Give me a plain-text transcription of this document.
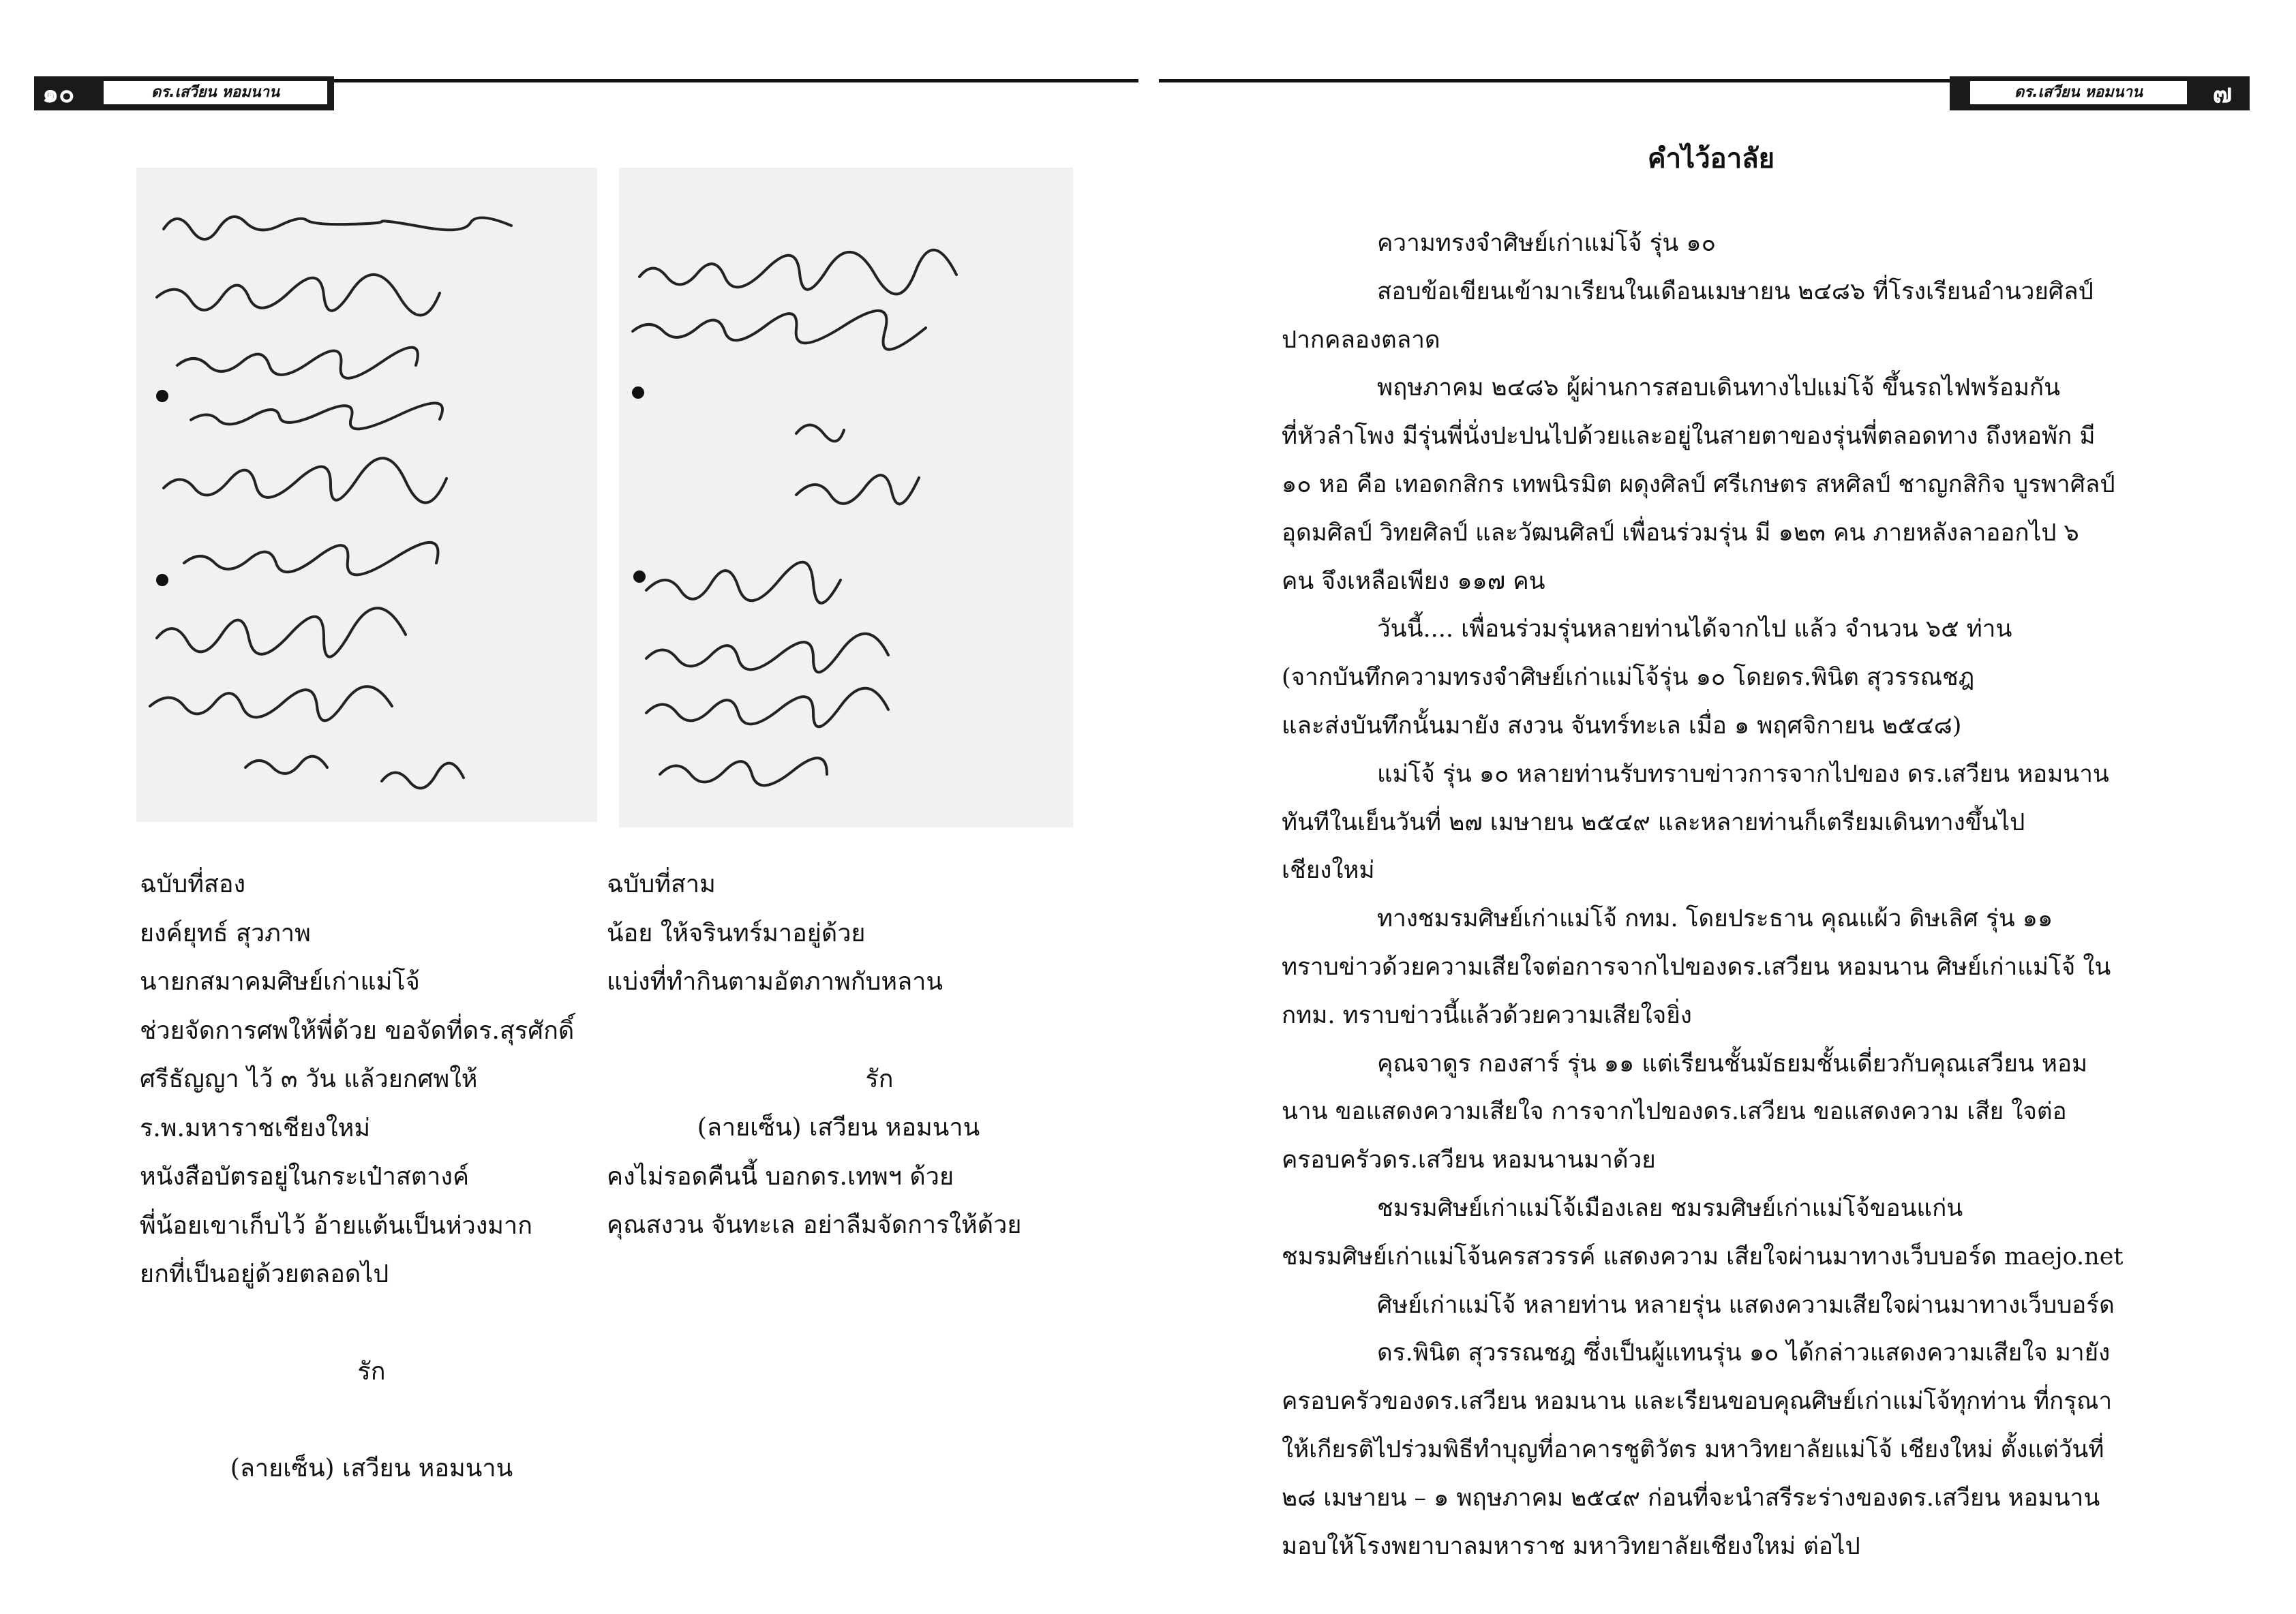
๑๐	ดร.เสวียน หอมนาน	ดร.เสวียน หอมนาน	๗
ฉบับที่สอง
ยงค์ยุทธ์ สุวภาพ
นายกสมาคมศิษย์เก่าแม่โจ้
ช่วยจัดการศพให้พี่ด้วย ขอจัดที่ดร.สุรศักดิ์
ศรีธัญญา ไว้ ๓ วัน แล้วยกศพให้
ร.พ.มหาราชเชียงใหม่
หนังสือบัตรอยู่ในกระเป๋าสตางค์
พี่น้อยเขาเก็บไว้ อ้ายแต้นเป็นห่วงมาก
ยกที่เป็นอยู่ด้วยตลอดไป
รัก
(ลายเซ็น) เสวียน หอมนาน
ฉบับที่สาม
น้อย ให้จรินทร์มาอยู่ด้วย
แบ่งที่ทำกินตามอัตภาพกับหลาน
รัก
(ลายเซ็น) เสวียน หอมนาน
คงไม่รอดคืนนี้ บอกดร.เทพฯ ด้วย
คุณสงวน จันทะเล อย่าลืมจัดการให้ด้วย
คำไว้อาลัย
ความทรงจำศิษย์เก่าแม่โจ้ รุ่น ๑๐
สอบข้อเขียนเข้ามาเรียนในเดือนเมษายน ๒๔๘๖ ที่โรงเรียนอำนวยศิลป์
ปากคลองตลาด
พฤษภาคม ๒๔๘๖ ผู้ผ่านการสอบเดินทางไปแม่โจ้ ขึ้นรถไฟพร้อมกัน
ที่หัวลำโพง มีรุ่นพี่นั่งปะปนไปด้วยและอยู่ในสายตาของรุ่นพี่ตลอดทาง ถึงหอพัก มี
๑๐ หอ คือ เทอดกสิกร เทพนิรมิต ผดุงศิลป์ ศรีเกษตร สหศิลป์ ชาญกสิกิจ บูรพาศิลป์
อุดมศิลป์ วิทยศิลป์ และวัฒนศิลป์ เพื่อนร่วมรุ่น มี ๑๒๓ คน ภายหลังลาออกไป ๖
คน จึงเหลือเพียง ๑๑๗ คน
วันนี้.... เพื่อนร่วมรุ่นหลายท่านได้จากไป แล้ว จำนวน ๖๕ ท่าน
(จากบันทึกความทรงจำศิษย์เก่าแม่โจ้รุ่น ๑๐ โดยดร.พินิต สุวรรณชฎ
และส่งบันทึกนั้นมายัง สงวน จันทร์ทะเล เมื่อ ๑ พฤศจิกายน ๒๕๔๘)
แม่โจ้ รุ่น ๑๐ หลายท่านรับทราบข่าวการจากไปของ ดร.เสวียน หอมนาน
ทันทีในเย็นวันที่ ๒๗ เมษายน ๒๕๔๙ และหลายท่านก็เตรียมเดินทางขึ้นไป
เชียงใหม่
ทางชมรมศิษย์เก่าแม่โจ้ กทม. โดยประธาน คุณแผ้ว ดิษเลิศ รุ่น ๑๑
ทราบข่าวด้วยความเสียใจต่อการจากไปของดร.เสวียน หอมนาน ศิษย์เก่าแม่โจ้ ใน
กทม. ทราบข่าวนี้แล้วด้วยความเสียใจยิ่ง
คุณจาดูร กองสาร์ รุ่น ๑๑ แต่เรียนชั้นมัธยมชั้นเดี่ยวกับคุณเสวียน หอม
นาน ขอแสดงความเสียใจ การจากไปของดร.เสวียน ขอแสดงความ เสีย ใจต่อ
ครอบครัวดร.เสวียน หอมนานมาด้วย
ชมรมศิษย์เก่าแม่โจ้เมืองเลย ชมรมศิษย์เก่าแม่โจ้ขอนแก่น
ชมรมศิษย์เก่าแม่โจ้นครสวรรค์ แสดงความ เสียใจผ่านมาทางเว็บบอร์ด maejo.net
ศิษย์เก่าแม่โจ้ หลายท่าน หลายรุ่น แสดงความเสียใจผ่านมาทางเว็บบอร์ด
ดร.พินิต สุวรรณชฎ ซึ่งเป็นผู้แทนรุ่น ๑๐ ได้กล่าวแสดงความเสียใจ มายัง
ครอบครัวของดร.เสวียน หอมนาน และเรียนขอบคุณศิษย์เก่าแม่โจ้ทุกท่าน ที่กรุณา
ให้เกียรติไปร่วมพิธีทำบุญที่อาคารชูติวัตร มหาวิทยาลัยแม่โจ้ เชียงใหม่ ตั้งแต่วันที่
๒๘ เมษายน – ๑ พฤษภาคม ๒๕๔๙ ก่อนที่จะนำสรีระร่างของดร.เสวียน หอมนาน
มอบให้โรงพยาบาลมหาราช มหาวิทยาลัยเชียงใหม่ ต่อไป
